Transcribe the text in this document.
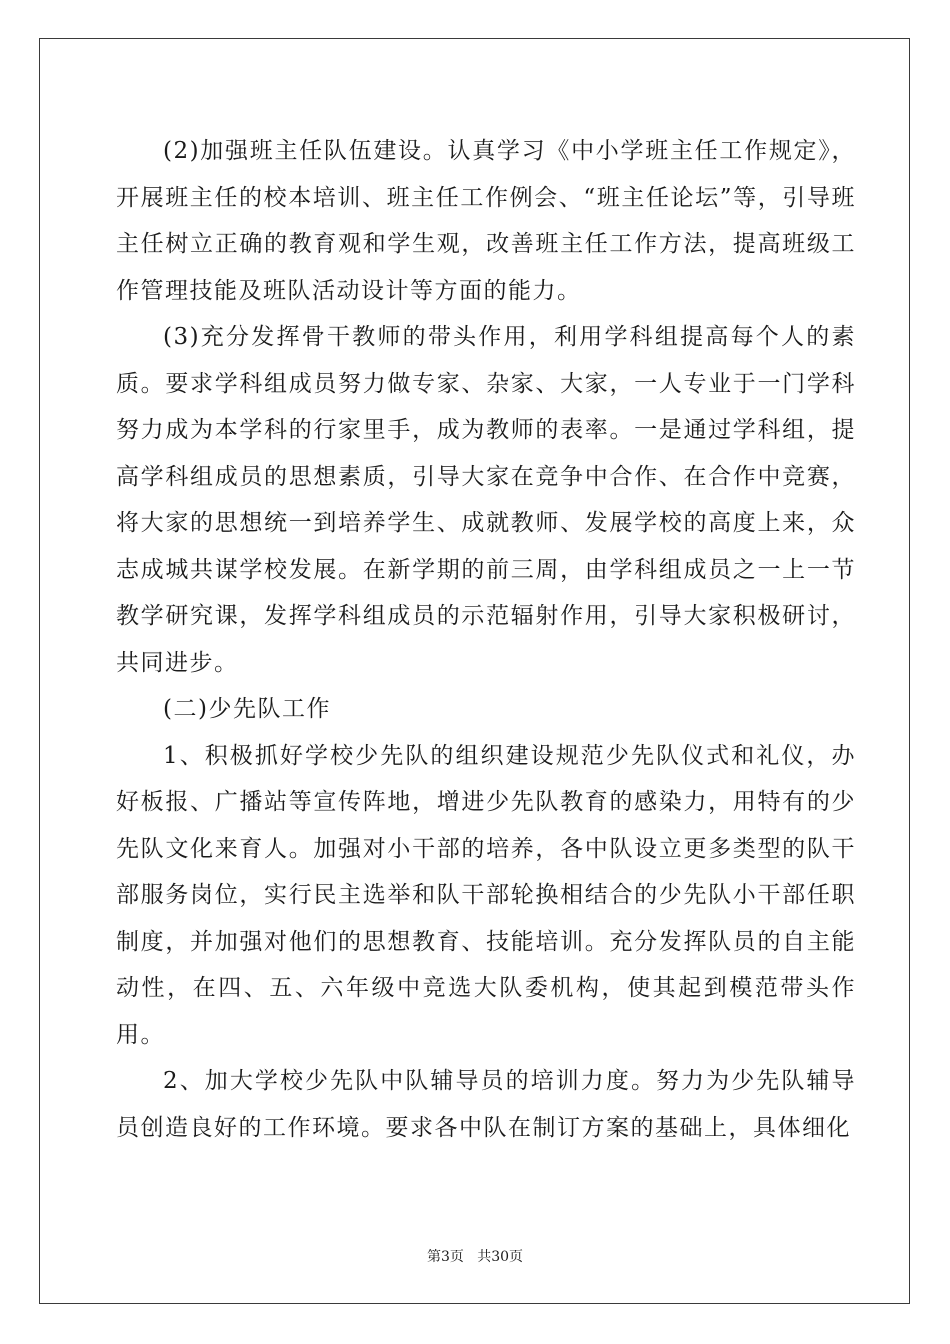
(2)加强班主任队伍建设。认真学习《中小学班主任工作规定》，开展班主任的校本培训、班主任工作例会、“班主任论坛”等，引导班主任树立正确的教育观和学生观，改善班主任工作方法，提高班级工作管理技能及班队活动设计等方面的能力。

(3)充分发挥骨干教师的带头作用，利用学科组提高每个人的素质。要求学科组成员努力做专家、杂家、大家，一人专业于一门学科努力成为本学科的行家里手，成为教师的表率。一是通过学科组，提高学科组成员的思想素质，引导大家在竞争中合作、在合作中竞赛，将大家的思想统一到培养学生、成就教师、发展学校的高度上来，众志成城共谋学校发展。在新学期的前三周，由学科组成员之一上一节教学研究课，发挥学科组成员的示范辐射作用，引导大家积极研讨，共同进步。

(二)少先队工作

1、积极抓好学校少先队的组织建设规范少先队仪式和礼仪，办好板报、广播站等宣传阵地，增进少先队教育的感染力，用特有的少先队文化来育人。加强对小干部的培养，各中队设立更多类型的队干部服务岗位，实行民主选举和队干部轮换相结合的少先队小干部任职制度，并加强对他们的思想教育、技能培训。充分发挥队员的自主能动性，在四、五、六年级中竞选大队委机构，使其起到模范带头作用。

2、加大学校少先队中队辅导员的培训力度。努力为少先队辅导员创造良好的工作环境。要求各中队在制订方案的基础上，具体细化

第3页   共30页
